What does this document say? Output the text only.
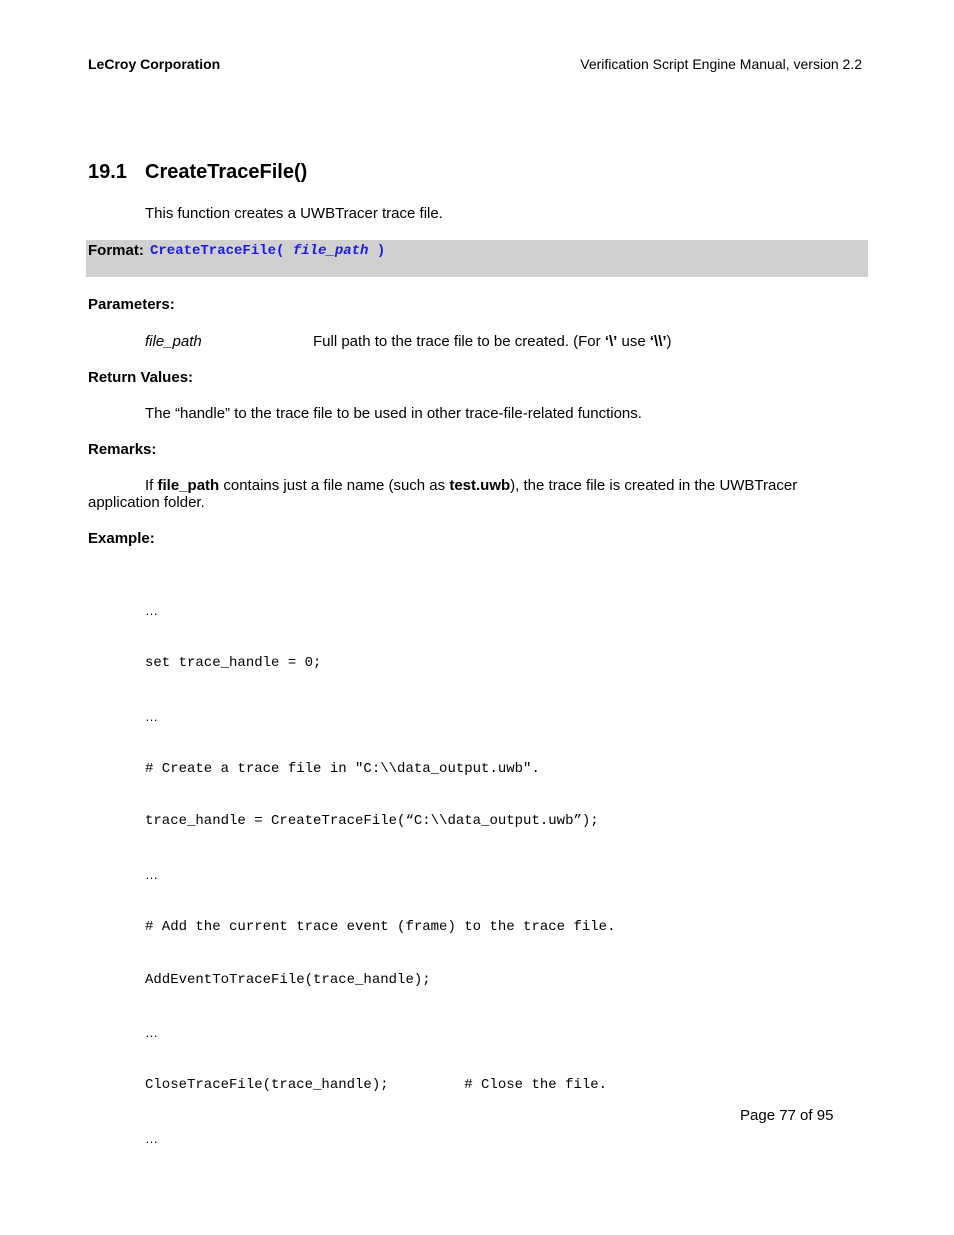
LeCroy Corporation	Verification Script Engine Manual, version 2.2
19.1 CreateTraceFile()
This function creates a UWBTracer trace file.
Format: CreateTraceFile( file_path )
Parameters:
file_path	Full path to the trace file to be created. (For ‘\’ use ‘\\’)
Return Values:
The “handle” to the trace file to be used in other trace-file-related functions.
Remarks:
If file_path contains just a file name (such as test.uwb), the trace file is created in the UWBTracer
application folder.
Example:

…

set trace_handle = 0;

…

# Create a trace file in "C:\\data_output.uwb".

trace_handle = CreateTraceFile(“C:\\data_output.uwb”);

…

# Add the current trace event (frame) to the trace file.

AddEventToTraceFile(trace_handle);

…

CloseTraceFile(trace_handle);         # Close the file.

…

Page 77 of 95
